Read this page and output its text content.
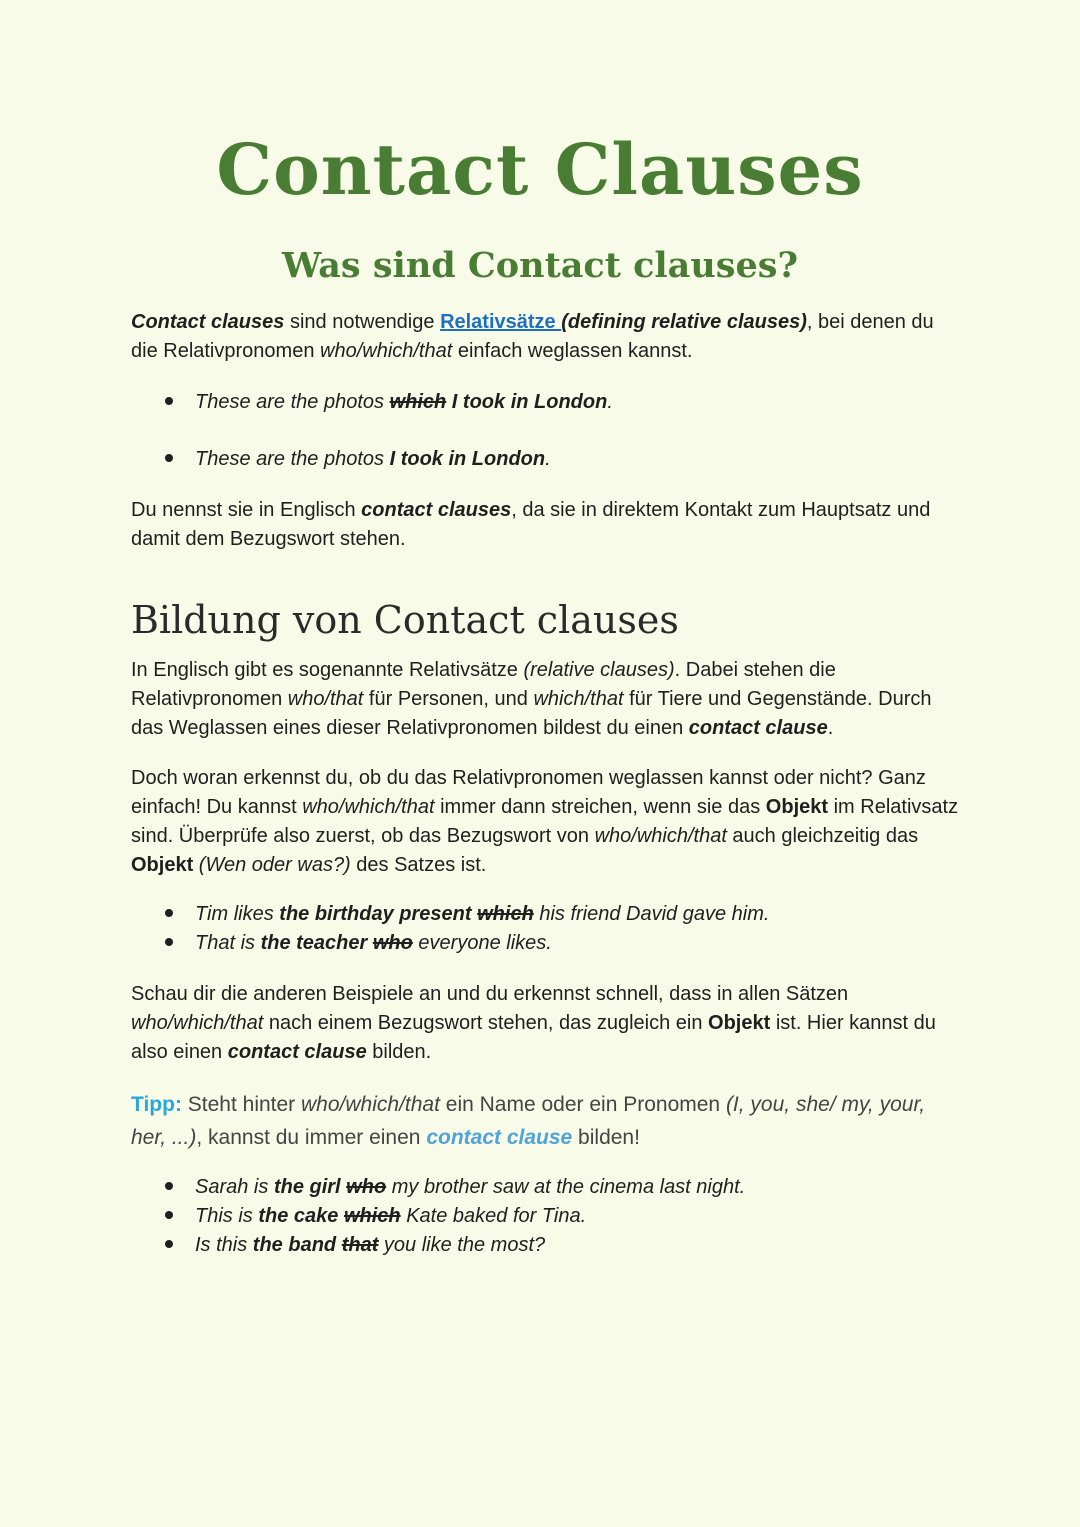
Contact Clauses
Was sind Contact clauses?

Contact clauses sind notwendige Relativsätze (defining relative clauses), bei denen du die Relativpronomen who/which/that einfach weglassen kannst.

These are the photos which I took in London.

These are the photos I took in London.

Du nennst sie in Englisch contact clauses, da sie in direktem Kontakt zum Hauptsatz und damit dem Bezugswort stehen.

Bildung von Contact clauses

In Englisch gibt es sogenannte Relativsätze (relative clauses). Dabei stehen die Relativpronomen who/that für Personen, und which/that für Tiere und Gegenstände. Durch das Weglassen eines dieser Relativpronomen bildest du einen contact clause.

Doch woran erkennst du, ob du das Relativpronomen weglassen kannst oder nicht? Ganz einfach! Du kannst who/which/that immer dann streichen, wenn sie das Objekt im Relativsatz sind. Überprüfe also zuerst, ob das Bezugswort von who/which/that auch gleichzeitig das Objekt (Wen oder was?) des Satzes ist.

Tim likes the birthday present which his friend David gave him.

That is the teacher who everyone likes.

Schau dir die anderen Beispiele an und du erkennst schnell, dass in allen Sätzen who/which/that nach einem Bezugswort stehen, das zugleich ein Objekt ist. Hier kannst du also einen contact clause bilden.

Tipp: Steht hinter who/which/that ein Name oder ein Pronomen (I, you, she/ my, your, her, ...), kannst du immer einen contact clause bilden!

Sarah is the girl who my brother saw at the cinema last night.

This is the cake which Kate baked for Tina.

Is this the band that you like the most?
